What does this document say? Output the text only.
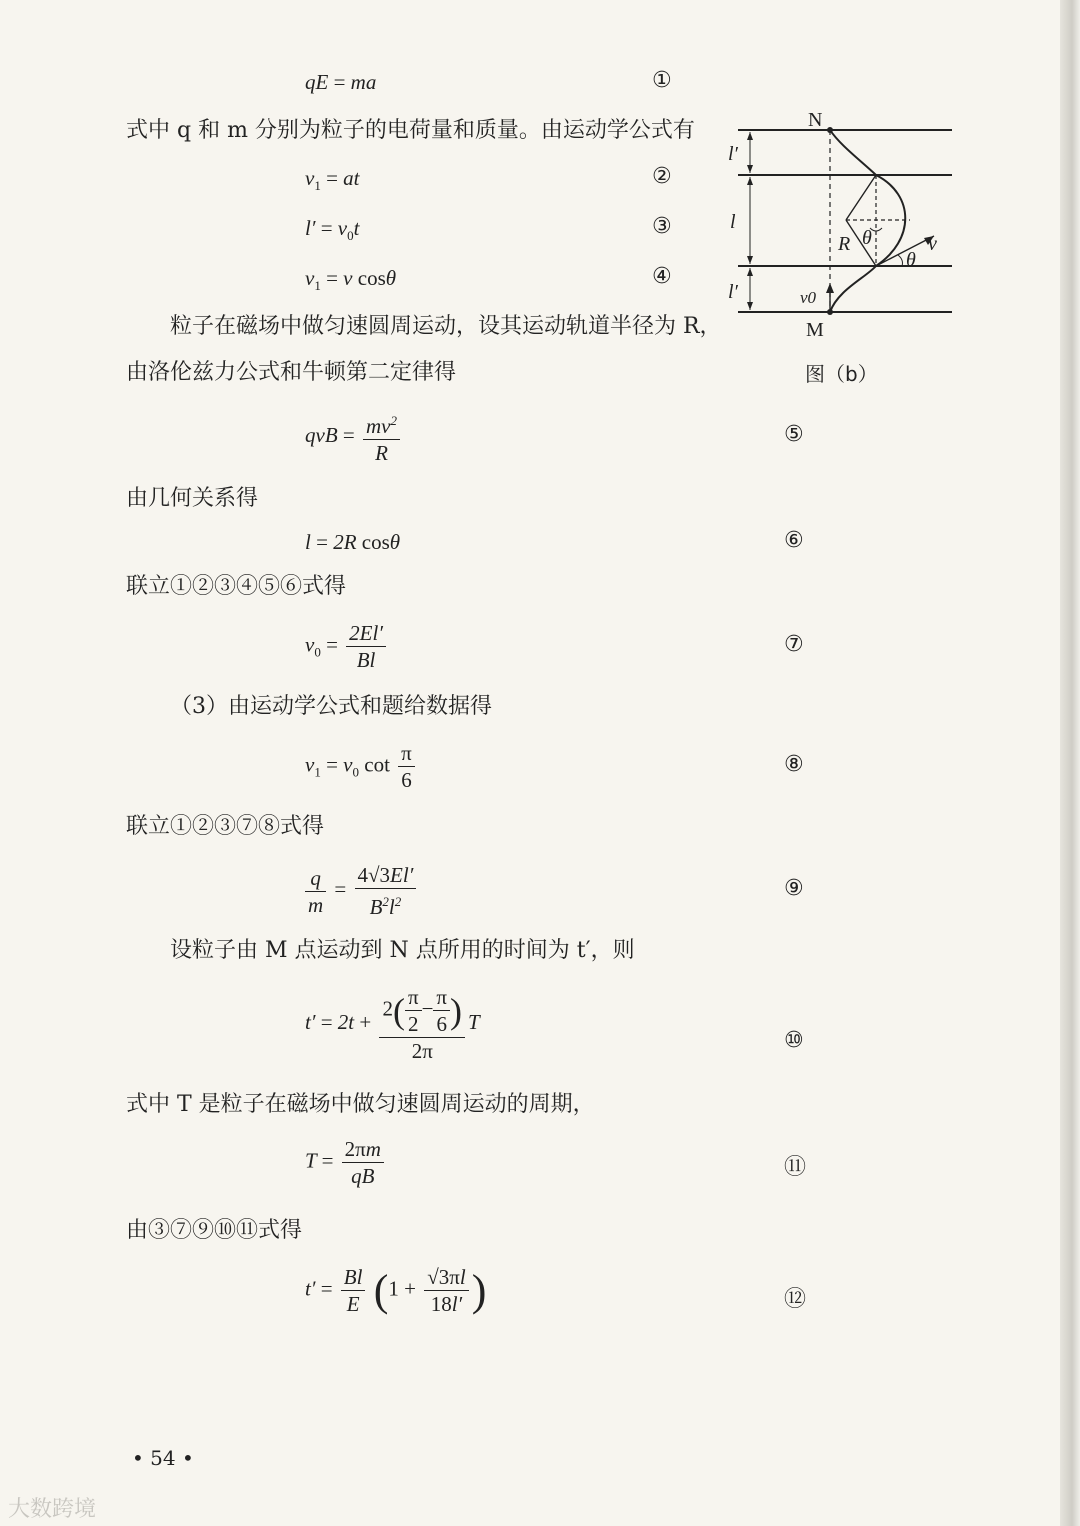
qE = ma	①
式中 q 和 m 分别为粒子的电荷量和质量。由运动学公式有
$v_1$ = at	②
$l' = v_0t$	③
$v_1 = v$ cosθ	④
粒子在磁场中做匀速圆周运动，设其运动轨道半径为 R，
由洛伦兹力公式和牛顿第二定律得
qvB = $\frac{mv^2}{R}$	⑤
由几何关系得
l = 2R cosθ	⑥
联立①②③④⑤⑥式得
$v_0 = \frac{2El'}{Bl}$	⑦
（3）由运动学公式和题给数据得
$v_1 = v_0$ $\cot \frac{\pi}{6}$	⑧
联立①②③⑦⑧式得
$\frac{q}{m} = \frac{4√3El'}{B^2l^2}$	⑨
设粒子由 M 点运动到 N 点所用的时间为 t′，则
$t' = 2t + \frac{2( \frac{\pi}{2} - \frac{\pi}{6} )}{2\pi}$ T
⑩
式中 T 是粒子在磁场中做匀速圆周运动的周期，
$T = \frac{2\pi m}{qB}$	⑪
由③⑦⑨⑩⑪式得
$t' = \frac{Bl}{E} (1 + \frac{√3\pi l}{18l'}$ )	⑫
N
M
l′
l
l′
R θ
θ
v
v0
图（b）
• 54 •
大数跨境
